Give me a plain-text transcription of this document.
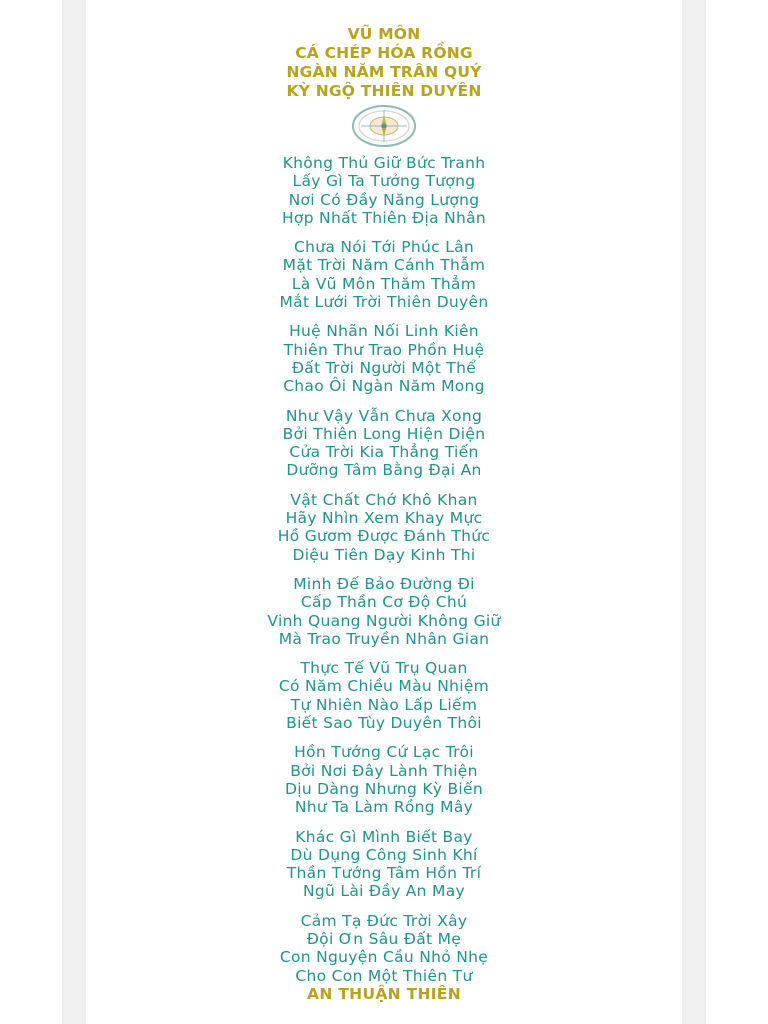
VŨ MÔN
CÁ CHÉP HÓA RỒNG
NGÀN NĂM TRÂN QUÝ
KỲ NGỘ THIÊN DUYÊN
Không Thủ Giữ Bức Tranh
Lấy Gì Ta Tưởng Tượng
Nơi Có Đầy Năng Lượng
Hợp Nhất Thiên Địa Nhân
Chưa Nói Tới Phúc Lân
Mặt Trời Năm Cánh Thẫm
Là Vũ Môn Thăm Thẳm
Mắt Lưới Trời Thiên Duyên
Huệ Nhãn Nối Linh Kiên
Thiên Thư Trao Phồn Huệ
Đất Trời Người Một Thể
Chao Ôi Ngàn Năm Mong
Như Vậy Vẫn Chưa Xong
Bởi Thiên Long Hiện Diện
Cửa Trời Kia Thẳng Tiến
Dưỡng Tâm Bằng Đại An
Vật Chất Chớ Khô Khan
Hãy Nhìn Xem Khay Mực
Hồ Gươm Được Đánh Thức
Diệu Tiên Dạy Kinh Thi
Minh Đế Bảo Đường Đi
Cấp Thần Cơ Độ Chú
Vinh Quang Người Không Giữ
Mà Trao Truyền Nhân Gian
Thực Tế Vũ Trụ Quan
Có Năm Chiều Màu Nhiệm
Tự Nhiên Nào Lấp Liếm
Biết Sao Tùy Duyên Thôi
Hồn Tướng Cứ Lạc Trôi
Bởi Nơi Đây Lành Thiện
Dịu Dàng Nhưng Kỳ Biến
Như Ta Làm Rồng Mây
Khác Gì Mình Biết Bay
Dù Dụng Công Sinh Khí
Thần Tướng Tâm Hồn Trí
Ngũ Lài Đầy An May
Cảm Tạ Đức Trời Xây
Đội Ơn Sâu Đất Mẹ
Con Nguyện Cầu Nhỏ Nhẹ
Cho Con Một Thiên Tư
AN THUẬN THIÊN
